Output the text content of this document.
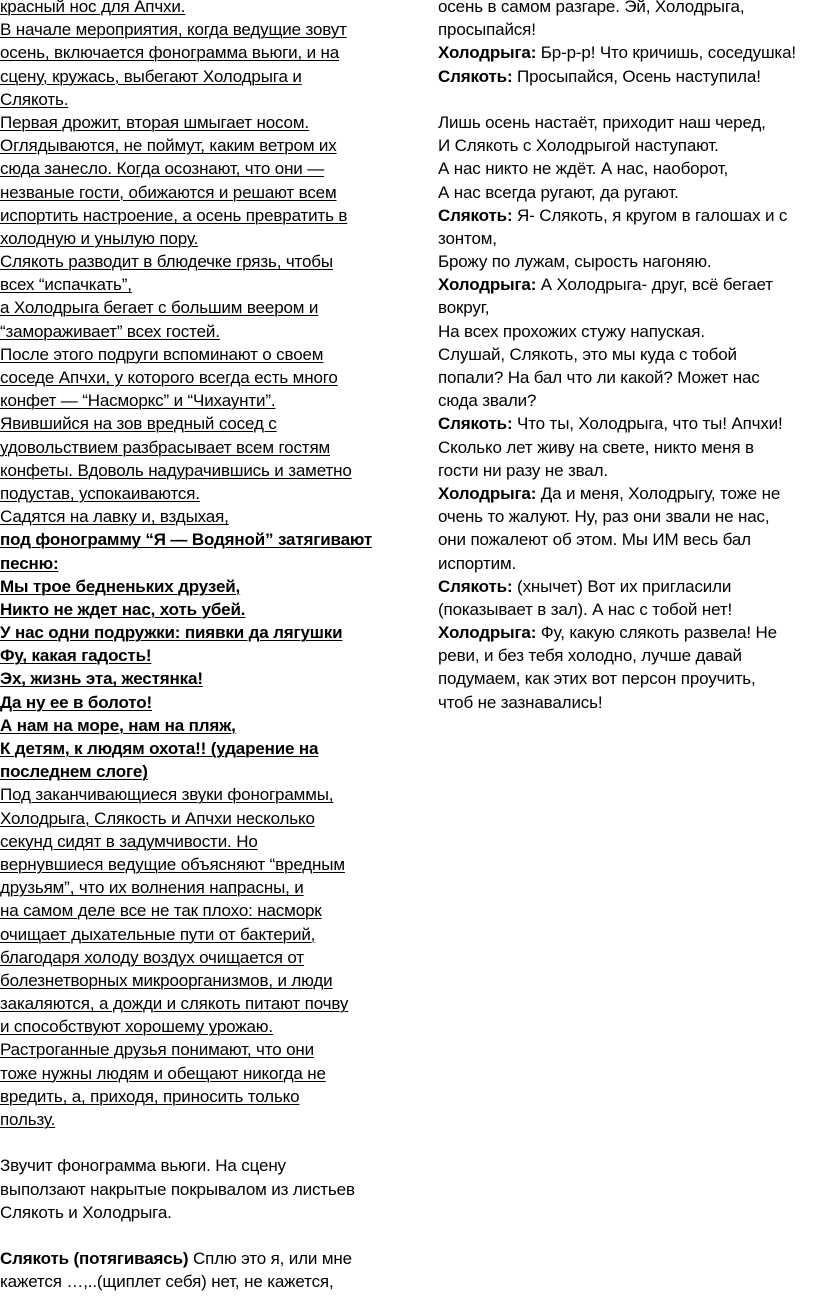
красный нос для Апчхи.
В начале мероприятия, когда ведущие зовут
осень, включается фонограмма вьюги, и на
сцену, кружась, выбегают Холодрыга и
Слякоть.
Первая дрожит, вторая шмыгает носом.
Оглядываются, не поймут, каким ветром их
сюда занесло. Когда осознают, что они —
незваные гости, обижаются и решают всем
испортить настроение, а осень превратить в
холодную и унылую пору.
Слякоть разводит в блюдечке грязь, чтобы
всех “испачкать”,
а Холодрыга бегает с большим веером и
“замораживает” всех гостей.
После этого подруги вспоминают о своем
соседе Апчхи, у которого всегда есть много
конфет — “Насморкс” и “Чихаунти”.
Явившийся на зов вредный сосед с
удовольствием разбрасывает всем гостям
конфеты. Вдоволь надурачившись и заметно
подустав, успокаиваются.
Садятся на лавку и, вздыхая,
под фонограмму “Я — Водяной” затягивают
песню:
Мы трое бедненьких друзей,
Никто не ждет нас, хоть убей.
У нас одни подружки: пиявки да лягушки
Фу, какая гадость!
Эх, жизнь эта, жестянка!
Да ну ее в болото!
А нам на море, нам на пляж,
К детям, к людям охота!! (ударение на
последнем слоге)
Под заканчивающиеся звуки фонограммы,
Холодрыга, Слякость и Апчхи несколько
секунд сидят в задумчивости. Но
вернувшиеся ведущие объясняют “вредным
друзьям”, что их волнения напрасны, и
на самом деле все не так плохо: насморк
очищает дыхательные пути от бактерий,
благодаря холоду воздух очищается от
болезнетворных микроорганизмов, и люди
закаляются, а дожди и слякоть питают почву
и способствуют хорошему урожаю.
Растроганные друзья понимают, что они
тоже нужны людям и обещают никогда не
вредить, а, приходя, приносить только
пользу.
Звучит фонограмма вьюги. На сцену
выползают накрытые покрывалом из листьев
Слякоть и Холодрыга.
Слякоть (потягиваясь) Сплю это я, или мне
кажется …,..(щиплет себя) нет, не кажется,
осень в самом разгаре. Эй, Холодрыга,
просыпайся!
Холодрыга: Бр-р-р! Что кричишь, соседушка!
Слякоть: Просыпайся, Осень наступила!
Лишь осень настаёт, приходит наш черед,
И Слякоть с Холодрыгой наступают.
А нас никто не ждёт. А нас, наоборот,
А нас всегда ругают, да ругают.
Слякоть: Я- Слякоть, я кругом в галошах и с
зонтом,
Брожу по лужам, сырость нагоняю.
Холодрыга: А Холодрыга- друг, всё бегает
вокруг,
На всех прохожих стужу напуская.
Слушай, Слякоть, это мы куда с тобой
попали? На бал что ли какой? Может нас
сюда звали?
Слякоть: Что ты, Холодрыга, что ты! Апчхи!
Сколько лет живу на свете, никто меня в
гости ни разу не звал.
Холодрыга: Да и меня, Холодрыгу, тоже не
очень то жалуют. Ну, раз они звали не нас,
они пожалеют об этом. Мы ИМ весь бал
испортим.
Слякоть: (хнычет) Вот их пригласили
(показывает в зал). А нас с тобой нет!
Холодрыга: Фу, какую слякоть развела! Не
реви, и без тебя холодно, лучше давай
подумаем, как этих вот персон проучить,
чтоб не зазнавались!
